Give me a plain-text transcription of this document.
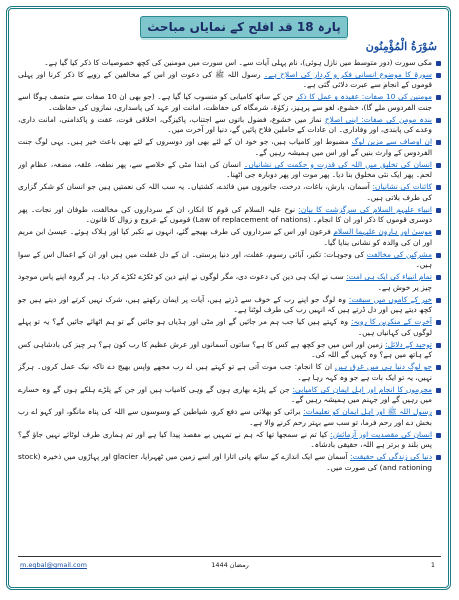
پارہ 18 قد افلح کے نمایاں مباحث
سُوْرَةُ الْمُؤْمِنُون
مکی سورت (دور متوسط میں نازل ہوئی)، نام پہلی آیات سے۔ اس سورت میں مومنین کی کچھ خصوصیات کا ذکر کیا گیا ہے۔
سورۃ کا موضوع انسانی فکر و کردار کی اصلاح ہے۔ رسول اللہ ﷺ کی دعوت اور اس کے مخالفین کے رویے کا ذکر کرنا اور پہلی قوموں کے انجام سے عبرت دلائی گئی ہے۔
مومنین کی 10 صفات: عقیدہ و عمل کا ذکر جن کے ساتھ کامیابی کو منسوب کیا گیا ہے۔ (جو بھی ان 10 صفات سے متصف ہوگا اسے جنت الفردوس ملے گا)، خشوع، لغو سے پرہیز، زکوٰۃ، شرمگاہ کی حفاظت، امانت اور عہد کی پاسداری، نمازوں کی حفاظت۔
بندہ مومن کی صفات: اپنی اصلاح نماز میں خشوع، فضول باتوں سے اجتناب، پاکیزگی، اخلاقی قوت، عفت و پاکدامنی، امانت داری، وعدے کی پابندی، اور وفاداری۔ ان عادات کے حاملین فلاح پائیں گے، دنیا اور آخرت میں۔
ان اوصاف سے مزین لوگ مضبوط اور کامیاب ہیں، جو خود ان کے لئے بھی اور دوسروں کے لئے بھی باعث خیر ہیں۔ یہی لوگ جنت الفردوس کے وارث بنیں گے اور اس میں ہمیشہ رہیں گے۔
انسان کی تخلیق میں اللہ کی قدرت و حکمت کی نشانیاں۔ انسان کی ابتدا مٹی کے خلاصے سے، پھر نطفہ، علقہ، مضغہ، عظام اور لحم۔ پھر ایک نئی مخلوق بنا دیا۔ پھر موت اور پھر دوبارہ جی اٹھنا۔
کائنات کی نشانیاں: آسمان، بارش، باغات، درخت، جانوروں میں فائدے، کشتیاں۔ یہ سب اللہ کی نعمتیں ہیں جو انسان کو شکر گزاری کی طرف بلاتی ہیں۔
انبیاء علیہم السلام کی سرگزشت کا بیان: نوح علیہ السلام کی قوم کا انکار، ان کے سرداروں کی مخالفت، طوفان اور نجات۔ پھر دوسری قوموں کا ذکر اور ان کا انجام۔ (Law of replacement of nations) قوموں کے عروج و زوال کا قانون۔
موسیٰ اور ہارون علیہما السلام فرعون اور اس کے سرداروں کی طرف بھیجے گئے، انہوں نے تکبر کیا اور ہلاک ہوئے۔ عیسیٰ ابن مریم اور ان کی والدہ کو نشانی بنایا گیا۔
مشرکین کی مخالفت کی وجوہات: تکبر، آبائی رسوم، غفلت، اور دنیا پرستی۔ ان کے دل غفلت میں ہیں اور ان کے اعمال اس کے سوا ہیں۔
تمام انبیاء کی ایک ہی امت: سب نے ایک ہی دین کی دعوت دی، مگر لوگوں نے اپنے دین کو ٹکڑے ٹکڑے کر دیا۔ ہر گروہ اپنے پاس موجود چیز پر خوش ہے۔
خیر کے کاموں میں سبقت: وہ لوگ جو اپنے رب کے خوف سے ڈرتے ہیں، آیات پر ایمان رکھتے ہیں، شرک نہیں کرتے اور دیتے ہیں جو کچھ دیتے ہیں اور دل ڈرتے ہیں کہ انہیں رب کی طرف لوٹنا ہے۔
آخرت کے منکرین کا رویہ: وہ کہتے ہیں کیا جب ہم مر جائیں گے اور مٹی اور ہڈیاں ہو جائیں گے تو ہم اٹھائے جائیں گے؟ یہ تو پہلے لوگوں کی کہانیاں ہیں۔
توحید کے دلائل: زمین اور اس میں جو کچھ ہے کس کا ہے؟ ساتوں آسمانوں اور عرش عظیم کا رب کون ہے؟ ہر چیز کی بادشاہی کس کے ہاتھ میں ہے؟ وہ کہیں گے اللہ کی۔
جو لوگ دنیا ہی میں غرق ہیں ان کا انجام: جب موت آتی ہے تو کہتے ہیں اے رب مجھے واپس بھیج دے تاکہ نیک عمل کروں۔ ہرگز نہیں، یہ تو ایک بات ہے جو وہ کہہ رہا ہے۔
مجرموں کا انجام اور اہل ایمان کی کامیابی: جن کے پلڑے بھاری ہوں گے وہی کامیاب ہیں اور جن کے پلڑے ہلکے ہوں گے وہ خسارے میں رہیں گے اور جہنم میں ہمیشہ رہیں گے۔
رسول اللہ ﷺ اور اہل ایمان کو تعلیمات: برائی کو بھلائی سے دفع کرو، شیاطین کے وسوسوں سے اللہ کی پناہ مانگو، اور کہو اے رب بخش دے اور رحم فرما، تو سب سے بہتر رحم کرنے والا ہے۔
انسان کی مقصدیت اور آزمائش: کیا تم نے سمجھا تھا کہ ہم نے تمہیں بے مقصد پیدا کیا ہے اور تم ہماری طرف لوٹائے نہیں جاؤ گے؟ پس بلند و برتر ہے اللہ، حقیقی بادشاہ۔
دنیا کی زندگی کی حقیقت: آسمان سے ایک اندازے کے ساتھ پانی اتارا اور اسے زمین میں ٹھہرایا، glacier اور پہاڑوں میں ذخیرہ (stock and rationing) کی صورت میں۔
m.eqbal@gmail.com	رمضان 1444	1
